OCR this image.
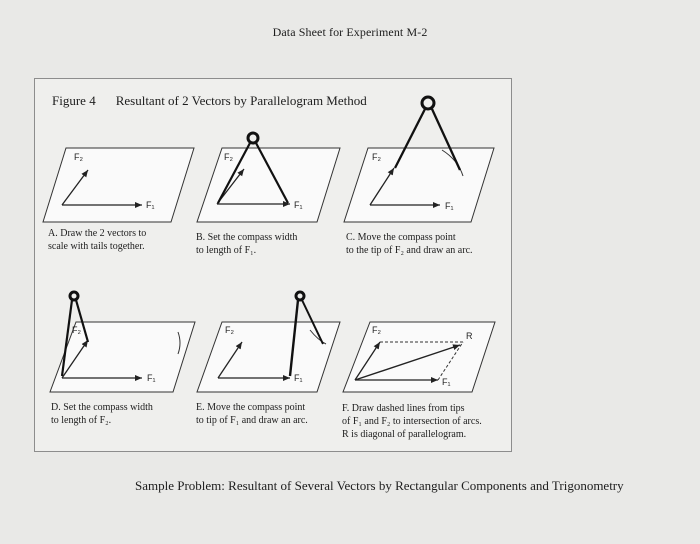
Data Sheet for Experiment M-2
Figure 4 Resultant of 2 Vectors by Parallelogram Method
F₂
F₁
F₂
F₁
F₂
F₁
F₂
F₁
F₂
F₁
F₂
F₁
R
A. Draw the 2 vectors to
scale with tails together.
B. Set the compass width
to length of F₁.
C. Move the compass point
to the tip of F₂ and draw an arc.
D. Set the compass width
to length of F₂.
E. Move the compass point
to tip of F₁ and draw an arc.
F. Draw dashed lines from tips
of F₁ and F₂ to intersection of arcs.
R is diagonal of parallelogram.
Sample Problem: Resultant of Several Vectors by Rectangular Components and Trigonometry
